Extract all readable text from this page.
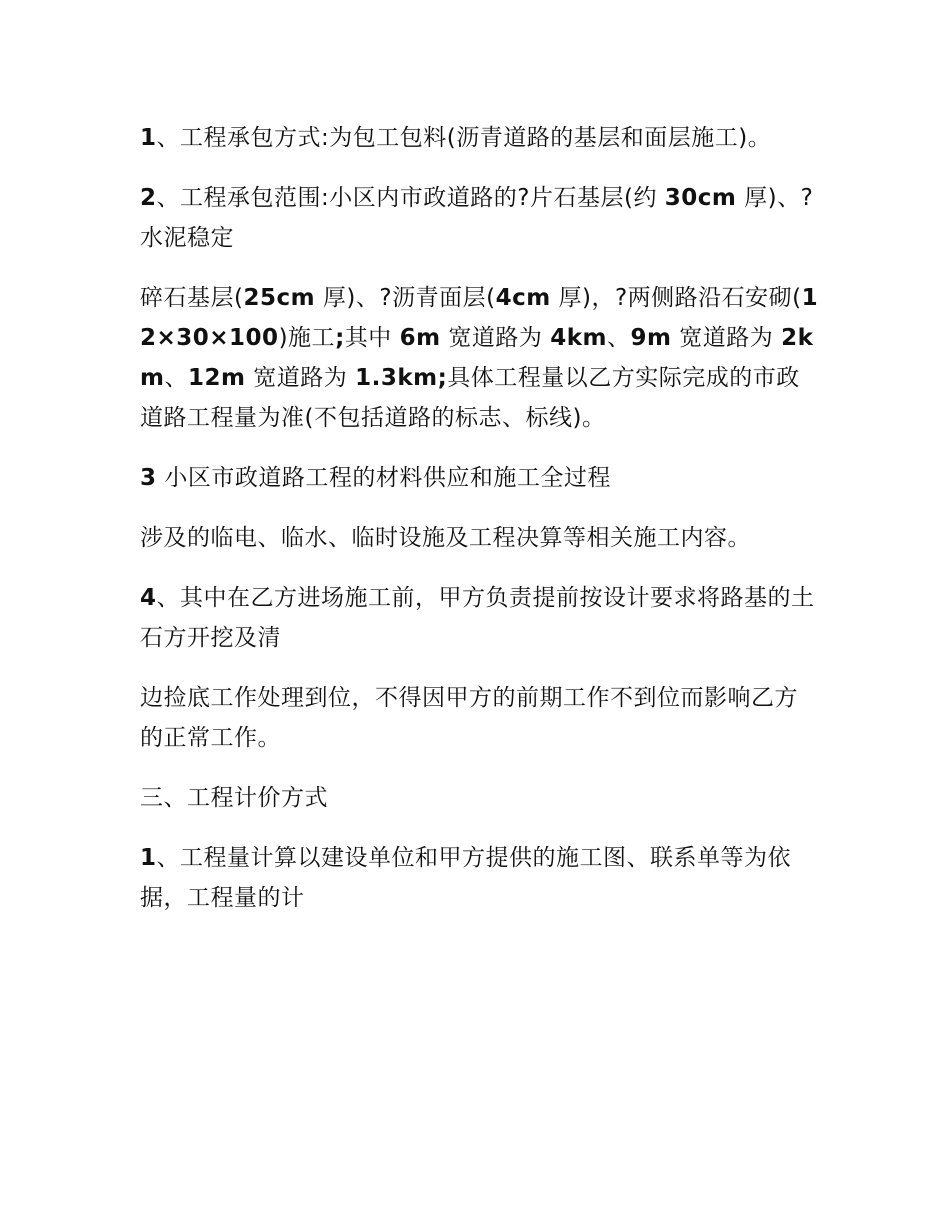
1、工程承包方式:为包工包料(沥青道路的基层和面层施工)。

2、工程承包范围:小区内市政道路的?片石基层(约 30cm 厚)、?水泥稳定

碎石基层(25cm 厚)、?沥青面层(4cm 厚)，?两侧路沿石安砌(12×30×100)施工;其中 6m 宽道路为 4km、9m 宽道路为 2km、12m 宽道路为 1.3km;具体工程量以乙方实际完成的市政道路工程量为准(不包括道路的标志、标线)。

3 小区市政道路工程的材料供应和施工全过程

涉及的临电、临水、临时设施及工程决算等相关施工内容。

4、其中在乙方进场施工前，甲方负责提前按设计要求将路基的土石方开挖及清

边捡底工作处理到位，不得因甲方的前期工作不到位而影响乙方的正常工作。

三、工程计价方式

1、工程量计算以建设单位和甲方提供的施工图、联系单等为依据，工程量的计
